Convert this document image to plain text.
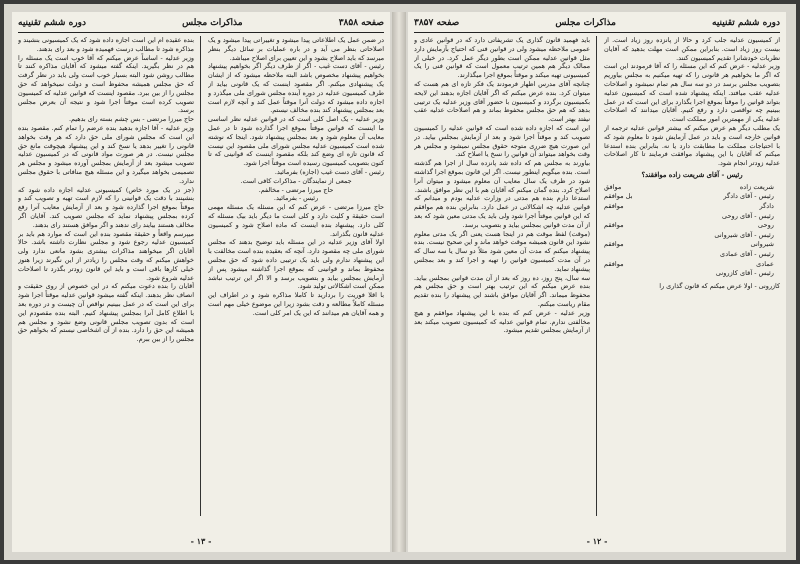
صفحه ۳۸۵۸
مذاکرات مجلس
دوره ششم تقنینیه

در ضمن عمل یک اطلاعاتی پیدا میشود و تغییراتی پیدا میشود و یک اصلاحاتی بنظر می آید و در باره عملیات بر سائل دیگر بنظر میرسد که باید اصلاح بشود و این تعیین برای اصلاح میباشد.

رئیس - آقای دست غیب - اگر از طرف دیگر اگر بخواهیم پیشنهاد بخواهیم پیشنهاد مخصوص باشد البته ملاحظه میشود که از ایشان یک پیشنهادی میکنم. اگر مقصود اینست که یک قانونی بیاید از طرف کمیسیون عدلیه در دوره آینده مجلس شورای ملی میگذرد و اجازه داده میشود که دولت آنرا موقتاً عمل کند و آنچه لازم است بعد بمجلس پیشنهاد کند بنده مخالف نیستم.

وزیر عدلیه - یک اصل کلی است که در قوانین عدلیه نظر اساسی ما اینست که قوانین موقتاً بموقع اجرا گذارده شود تا در عمل معایب آن معلوم شود و بعد بمجلس پیشنهاد شود. اینجا که نوشته شده است کمیسیون عدلیه مجلس شورای ملی مقصود این نیست که قانون تازه ای وضع کند بلکه مقصود اینست که قوانینی که تا کنون بتصویب کمیسیون رسیده است موقتاً اجرا شود.

رئیس - آقای دست غیب (اجازه) بفرمائید.

جمعی از نمایندگان - مذاکرات کافی است.

حاج میرزا مرتضی - مخالفم.

رئیس - بفرمائید.

حاج میرزا مرتضی - عرض کنم که این مسئله یک مسئله مهمی است حقیقة و کلیت دارد و کلی است ما دیگر باید بیک مسئله که کلی دارد. پیشنهاد بنده اینست که ماده اصلاح شود و کمیسیون عدلیه قانون بگذراند.

اولا آقای وزیر عدلیه در این مسئله باید توضیح بدهند که مجلس شورای ملی چه مقصود دارد. آنچه که بعقیده بنده است مخالفت با این پیشنهاد ندارم ولی باید یک ترتیبی داده شود که حق مجلس محفوظ بماند و قوانینی که بموقع اجرا گذاشته میشود پس از آزمایش بمجلس بیاید و بتصویب برسد و الا اگر این ترتیب نباشد ممکن است اشکالاتی تولید شود.

با اقلا فوریت را بردارید تا کاملا مذاکره شود و در اطراف این مسئله کاملاً مطالعه و دقت بشود زیرا این موضوع خیلی مهم است و همه آقایان هم میدانند که این یک امر کلی است.

بنده عقیده ام این است اجازه داده شود که یک کمیسیونی بنشیند و مذاکره شود تا مطالب درست فهمیده شود و بعد رای بدهند.

وزیر عدلیه - اساساً عرض میکنم که آقا خوب است یک مسئله را هم در نظر بگیرید. اینکه گفته میشود که آقایان مذاکره کنند تا مطالب روشن شود البته بسیار خوب است ولی باید در نظر گرفت که حق مجلس همیشه محفوظ است و دولت نمیخواهد که حق مجلس را از بین ببرد. مقصود اینست که قوانین عدلیه که کمیسیون تصویب کرده است موقتاً اجرا شود و نتیجه آن بعرض مجلس برسد.

حاج میرزا مرتضی - بس چشم بسته رای بدهیم.

وزیر عدلیه - آقا اجازه بدهید بنده عرضم را تمام کنم. مقصود بنده این است که مجلس شورای ملی حق دارد که هر وقت بخواهد قانونی را تغییر بدهد یا نسخ کند و این پیشنهاد هیچوقت مانع حق مجلس نیست. در هر صورت مواد قانونی که در کمیسیون عدلیه تصویب میشود بعد از آزمایش بمجلس آورده میشود و مجلس هر تصمیمی بخواهد میگیرد و این مسئله هیچ منافاتی با حقوق مجلس ندارد.

(جز در یک مورد خاص) کمیسیونی عدلیه اجازه داده شود که بنشینند با دقت یک قوانینی را که لازم است تهیه و تصویب کند و موقتاً بموقع اجرا گذارده شود و بعد از آزمایش معایب آنرا رفع کرده بمجلس پیشنهاد نماید که مجلس تصویب کند. آقایان اگر مخالف هستند بیایند رای ندهند و اگر موافق هستند رای بدهند.

میپرسم واقعاً و حقیقة مقصود بنده این است که موارد هم باید بر کمیسیون عدلیه رجوع شود و مجلس نظارت داشته باشد. حالا آقایان اگر میخواهند مذاکرات بیشتری بشود مانعی ندارد ولی خواهش میکنم که وقت مجلس را زیادتر از این نگیرند زیرا هنوز خیلی کارها باقی است و باید این قانون زودتر بگذرد تا اصلاحات عدلیه شروع شود.

آقایان را بنده دعوت میکنم که در این خصوص از روی حقیقت و انصاف نظر بدهند. اینکه گفته میشود قوانین عدلیه موقتاً اجرا شود برای این است که در عمل ببینیم نواقص آن چیست و در دوره بعد با اطلاع کامل آنرا بمجلس پیشنهاد کنیم. البته بنده مقصودم این است که بدون تصویب مجلس قانونی وضع نشود و مجلس هم همیشه این حق را دارد. بنده از آن اشخاصی نیستم که بخواهم حق مجلس را از بین ببرم.

- ۱۳ -
دوره ششم تقنینیه
مذاکرات مجلس
صفحه ۳۸۵۷

از کمیسیون عدلیه جلب کرد و حالا از پانزده روز زیاد است. از بیست روز زیاد است. بنابراین ممکن است مهلت بدهید که آقایان نظریات خودشانرا تقدیم کمیسیون کنند.

وزیر عدلیه - عرض کنم که این مسئله را که آقا فرمودند این است که اگر ما بخواهیم هر قانونی را که تهیه میکنیم به مجلس بیاوریم بتصویب مجلس برسد در دو سه سال هم تمام نمیشود و اصلاحات عدلیه عقب میافتد. اینکه پیشنهاد شده است که کمیسیون عدلیه بتواند قوانین را موقتاً بموقع اجرا بگذارد برای این است که در عمل ببینیم چه نواقصی دارد و رفع کنیم. آقایان میدانند که اصلاحات عدلیه یکی از مهمترین امور مملکت است.

یک مطلب دیگر هم عرض میکنم که بیشتر قوانین عدلیه ترجمه از قوانین خارجه است و باید در عمل آزمایش شود تا معلوم شود که با احتیاجات مملکت ما مطابقت دارد یا نه. بنابراین بنده استدعا میکنم که آقایان با این پیشنهاد موافقت فرمایند تا کار اصلاحات عدلیه زودتر انجام شود.

رئیس - آقای شریعت زاده موافقند؟
شریعت زاده
موافق
رئیس - آقای دادگر
بل موافقم
دادگر
موافقم
رئیس - آقای روحی
روحی
موافقم
رئیس - آقای شیروانی
شیروانی
موافقم
رئیس - آقای عمادی
عمادی
موافقم
رئیس - آقای کازرونی

کازرونی - اولا عرض میکنم که قانون گذاری را

باید فهمید قانون گذاری یک تشریفاتی دارد که در قوانین عادی و عمومی ملاحظه میشود ولی در قوانین فنی که احتیاج بآزمایش دارد مثل قوانین عدلیه ممکن است بطور دیگر عمل کرد. در خیلی از ممالک دیگر هم همین ترتیب معمول است که قوانین فنی را یک کمیسیونی تهیه میکند و موقتاً بموقع اجرا میگذارند.

چنانچه آقای مدرس اظهار فرمودند یک فکر تازه ای هم هست که میتوان کرد. بنده عرض میکنم که اگر آقایان اجازه بدهند این لایحه بکمیسیون برگردد و کمیسیون با حضور آقای وزیر عدلیه یک ترتیبی بدهد که هم حق مجلس محفوظ بماند و هم اصلاحات عدلیه عقب نیفتد بهتر است.

این است که اجازه داده شده است که قوانین عدلیه را کمیسیون تصویب کند و موقتاً اجرا شود و بعد از آزمایش بمجلس بیاید. در این صورت هیچ ضرری متوجه حقوق مجلس نمیشود و مجلس هر وقت بخواهد میتواند آن قوانین را نسخ یا اصلاح کند.

بیاورند به مجلس هم که داده شد پانزده سال از اجرا هم گذشته است. بنده میگویم اینطور نیست. اگر این قانون بموقع اجرا گذاشته شود در ظرف یک سال معایب آن معلوم میشود و میتوان آنرا اصلاح کرد. بنده گمان میکنم که آقایان هم با این نظر موافق باشند.

استدعا دارم بنده هم مدتی در وزارت عدلیه بودم و میدانم که قوانین عدلیه چه اشکالاتی در عمل دارد. بنابراین بنده هم موافقم که این قوانین موقتاً اجرا شود ولی باید یک مدتی معین شود که بعد از آن مدت قوانین بمجلس بیاید و بتصویب برسد.

(موقت) لفظ موقت هم در اینجا هست یعنی اگر یک مدتی معلوم نشود این قانون همیشه موقت خواهد ماند و این صحیح نیست. بنده پیشنهاد میکنم که مدت آن معین شود مثلاً دو سال یا سه سال که در آن مدت کمیسیون قوانین را تهیه و اجرا کند و بعد بمجلس پیشنهاد نماید.

سه سال، پنج روز، ده روز که بعد از آن مدت قوانین بمجلس بیاید. بنده عرض میکنم که این ترتیب بهتر است و حق مجلس هم محفوظ میماند. اگر آقایان موافق باشند این پیشنهاد را بنده تقدیم مقام ریاست میکنم.

وزیر عدلیه - عرض کنم که بنده با این پیشنهاد موافقم و هیچ مخالفتی ندارم. تمام قوانین عدلیه که کمیسیون تصویب میکند بعد از آزمایش بمجلس تقدیم میشود.

- ۱۲ -
